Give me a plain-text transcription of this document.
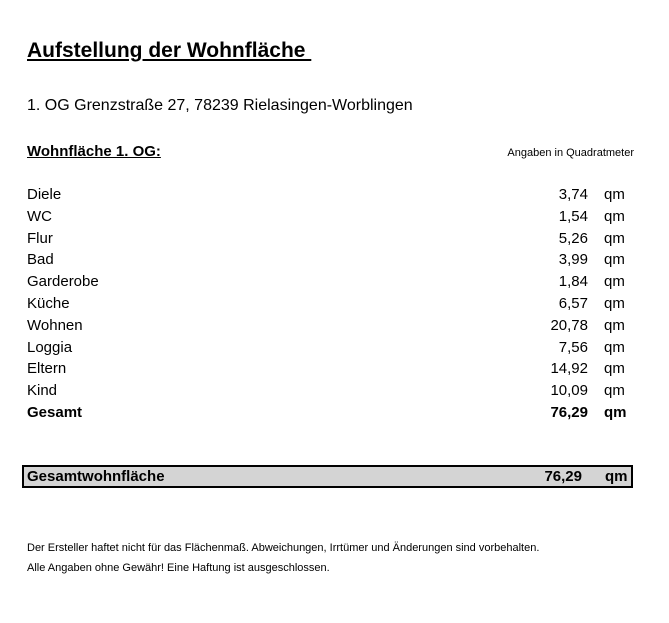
Aufstellung der Wohnfläche
1. OG Grenzstraße 27, 78239 Rielasingen-Worblingen
Wohnfläche 1. OG:	Angaben in Quadratmeter
Diele	3,74 qm
WC	1,54 qm
Flur	5,26 qm
Bad	3,99 qm
Garderobe	1,84 qm
Küche	6,57 qm
Wohnen	20,78 qm
Loggia	7,56 qm
Eltern	14,92 qm
Kind	10,09 qm
Gesamt	76,29 qm
Gesamtwohnfläche	76,29 qm
Der Ersteller haftet nicht für das Flächenmaß. Abweichungen, Irrtümer und Änderungen sind vorbehalten.
Alle Angaben ohne Gewähr! Eine Haftung ist ausgeschlossen.
